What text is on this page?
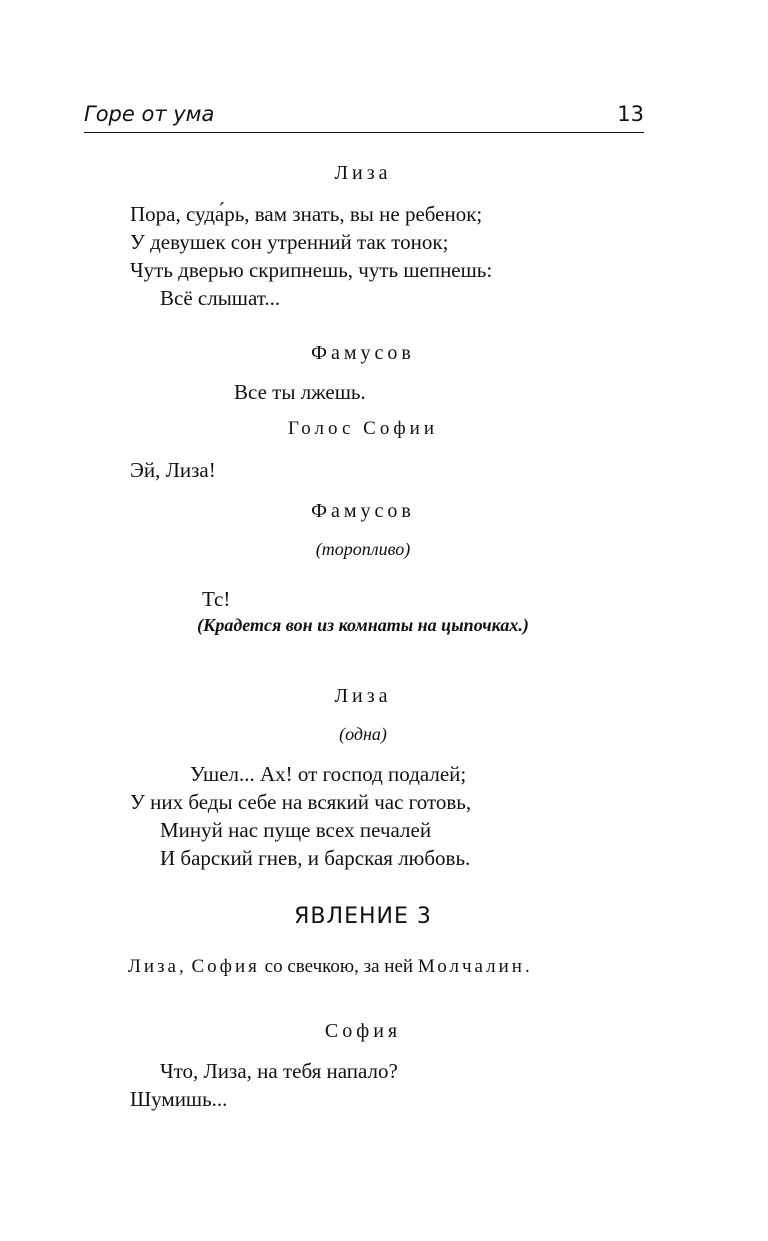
Горе от ума	13
Лиза
Пора, суда́рь, вам знать, вы не ребенок;
У девушек сон утренний так тонок;
Чуть дверью скрипнешь, чуть шепнешь:
Всё слышат...
Фамусов
Все ты лжешь.
Голос Софии
Эй, Лиза!
Фамусов
(торопливо)
Тс!
(Крадется вон из комнаты на цыпочках.)
Лиза
(одна)
Ушел... Ах! от господ подалей;
У них беды себе на всякий час готовь,
Минуй нас пуще всех печалей
И барский гнев, и барская любовь.
ЯВЛЕНИЕ 3
Лиза, София со свечкою, за ней Молчалин.
София
Что, Лиза, на тебя напало?
Шумишь...
